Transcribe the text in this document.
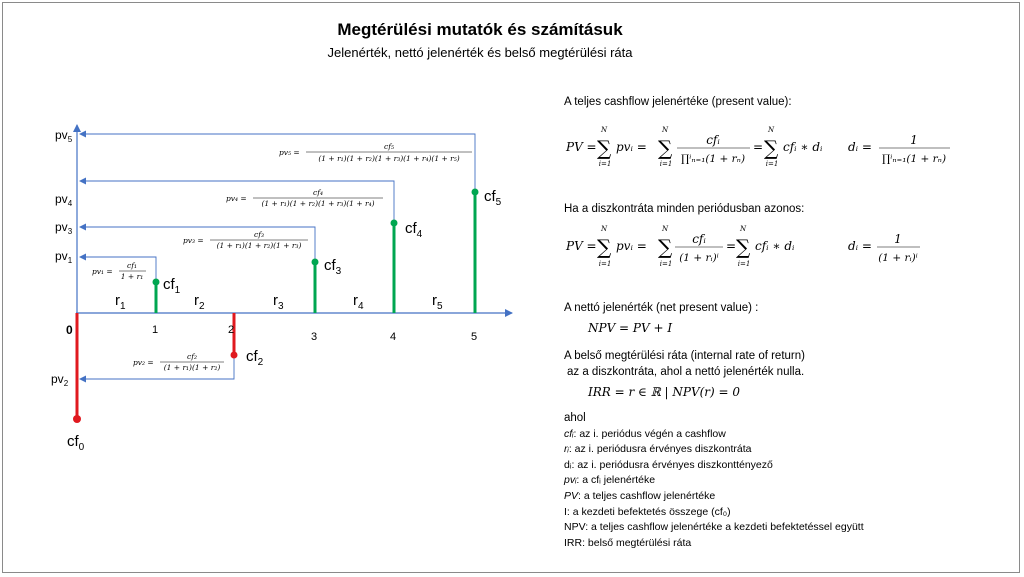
Megtérülési mutatók és számításuk
Jelenérték, nettó jelenérték és belső megtérülési ráta
0	1	2
3	4	5
$r_1$	$r_2$	$r_3$	$r_4$	$r_5$
$cf_0$
$cf_1$
$cf_2$
$cf_3$
$cf_4$
$cf_5$
$pv_5$
$pv_4$
$pv_3$
$pv_1$
$pv_2$
pv₁ =
cf₁
1 + r₁
pv₂ =
cf₂
(1 + r₁)(1 + r₂)
pv₃ =
cf₃
(1 + r₁)(1 + r₂)(1 + r₃)
pv₄ =
cf₄
(1 + r₁)(1 + r₂)(1 + r₃)(1 + r₄)
pv₅ =
cf₅
(1 + r₁)(1 + r₂)(1 + r₃)(1 + r₄)(1 + r₅)
A teljes cashflow jelenértéke (present value):
PV = ∑
N
i=1
pvᵢ = ∑
N
i=1
cfᵢ
∏ⁱₙ₌₁(1 + rₙ)
= ∑
N
i=1
cfᵢ ∗ dᵢ dᵢ =	1
∏ⁱₙ₌₁(1 + rₙ)
PV = ∑
N
i=1
pvᵢ = ∑
N
i=1
cfᵢ
(1 + rᵢ)ⁱ
= ∑
N
i=1
cfᵢ ∗ dᵢ	dᵢ = 1
(1 + rᵢ)ⁱ
Ha a diszkontráta minden periódusban azonos:
A nettó jelenérték (net present value) :
NPV = PV + I
A belső megtérülési ráta (internal rate of return)
az a diszkontráta, ahol a nettó jelenérték nulla.
IRR = r ∈ ℝ | NPV(r) = 0
ahol
cfᵢ: az i. periódus végén a cashflow
rᵢ: az i. periódusra érvényes diszkontráta
dᵢ: az i. periódusra érvényes diszkonttényező
pvᵢ: a cfᵢ jelenértéke
PV: a teljes cashflow jelenértéke
I: a kezdeti befektetés összege (cf₀)
NPV: a teljes cashflow jelenértéke a kezdeti befektetéssel együtt
IRR: belső megtérülési ráta
